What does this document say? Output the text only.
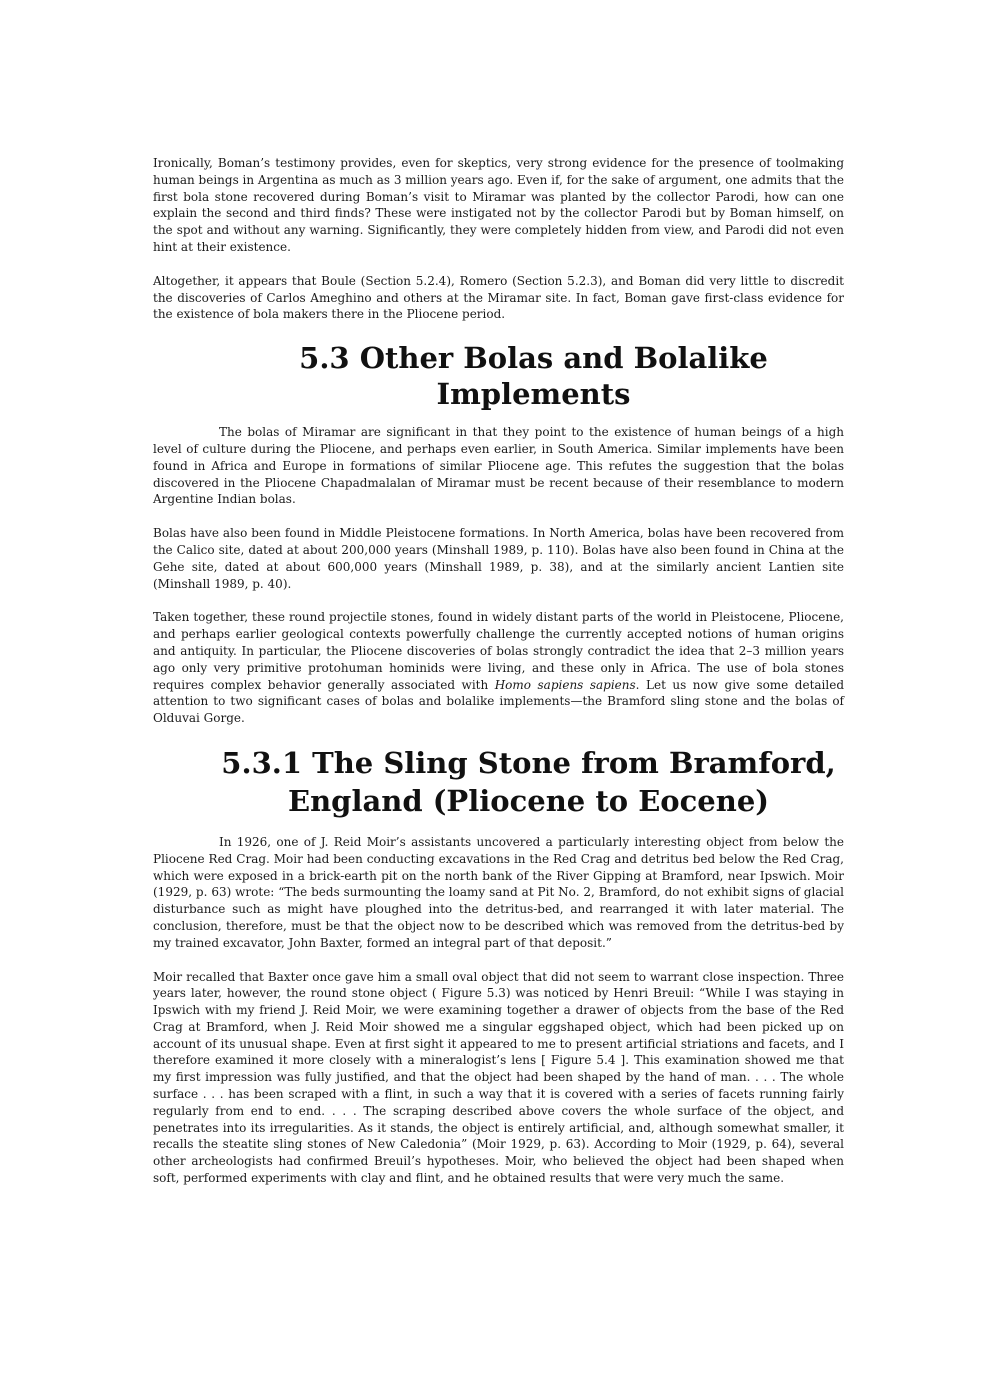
Ironically, Boman’s testimony provides, even for skeptics, very strong evidence for the presence of toolmaking human beings in Argentina as much as 3 million years ago. Even if, for the sake of argument, one admits that the first bola stone recovered during Boman’s visit to Miramar was planted by the collector Parodi, how can one explain the second and third finds? These were instigated not by the collector Parodi but by Boman himself, on the spot and without any warning. Significantly, they were completely hidden from view, and Parodi did not even hint at their existence.

Altogether, it appears that Boule (Section 5.2.4), Romero (Section 5.2.3), and Boman did very little to discredit the discoveries of Carlos Ameghino and others at the Miramar site. In fact, Boman gave first-class evidence for the existence of bola makers there in the Pliocene period.

5.3 Other Bolas and Bolalike Implements

The bolas of Miramar are significant in that they point to the existence of human beings of a high level of culture during the Pliocene, and perhaps even earlier, in South America. Similar implements have been found in Africa and Europe in formations of similar Pliocene age. This refutes the suggestion that the bolas discovered in the Pliocene Chapadmalalan of Miramar must be recent because of their resemblance to modern Argentine Indian bolas.

Bolas have also been found in Middle Pleistocene formations. In North America, bolas have been recovered from the Calico site, dated at about 200,000 years (Minshall 1989, p. 110). Bolas have also been found in China at the Gehe site, dated at about 600,000 years (Minshall 1989, p. 38), and at the similarly ancient Lantien site (Minshall 1989, p. 40).

Taken together, these round projectile stones, found in widely distant parts of the world in Pleistocene, Pliocene, and perhaps earlier geological contexts powerfully challenge the currently accepted notions of human origins and antiquity. In particular, the Pliocene discoveries of bolas strongly contradict the idea that 2–3 million years ago only very primitive protohuman hominids were living, and these only in Africa. The use of bola stones requires complex behavior generally associated with Homo sapiens sapiens. Let us now give some detailed attention to two significant cases of bolas and bolalike implements—the Bramford sling stone and the bolas of Olduvai Gorge.

5.3.1 The Sling Stone from Bramford,
England (Pliocene to Eocene)

In 1926, one of J. Reid Moir’s assistants uncovered a particularly interesting object from below the Pliocene Red Crag. Moir had been conducting excavations in the Red Crag and detritus bed below the Red Crag, which were exposed in a brick-earth pit on the north bank of the River Gipping at Bramford, near Ipswich. Moir (1929, p. 63) wrote: “The beds surmounting the loamy sand at Pit No. 2, Bramford, do not exhibit signs of glacial disturbance such as might have ploughed into the detritus-bed, and rearranged it with later material. The conclusion, therefore, must be that the object now to be described which was removed from the detritus-bed by my trained excavator, John Baxter, formed an integral part of that deposit.”

Moir recalled that Baxter once gave him a small oval object that did not seem to warrant close inspection. Three years later, however, the round stone object ( Figure 5.3) was noticed by Henri Breuil: “While I was staying in Ipswich with my friend J. Reid Moir, we were examining together a drawer of objects from the base of the Red Crag at Bramford, when J. Reid Moir showed me a singular eggshaped object, which had been picked up on account of its unusual shape. Even at first sight it appeared to me to present artificial striations and facets, and I therefore examined it more closely with a mineralogist’s lens [ Figure 5.4 ]. This examination showed me that my first impression was fully justified, and that the object had been shaped by the hand of man. . . . The whole surface . . . has been scraped with a flint, in such a way that it is covered with a series of facets running fairly regularly from end to end. . . . The scraping described above covers the whole surface of the object, and penetrates into its irregularities. As it stands, the object is entirely artificial, and, although somewhat smaller, it recalls the steatite sling stones of New Caledonia” (Moir 1929, p. 63). According to Moir (1929, p. 64), several other archeologists had confirmed Breuil’s hypotheses. Moir, who believed the object had been shaped when soft, performed experiments with clay and flint, and he obtained results that were very much the same.
